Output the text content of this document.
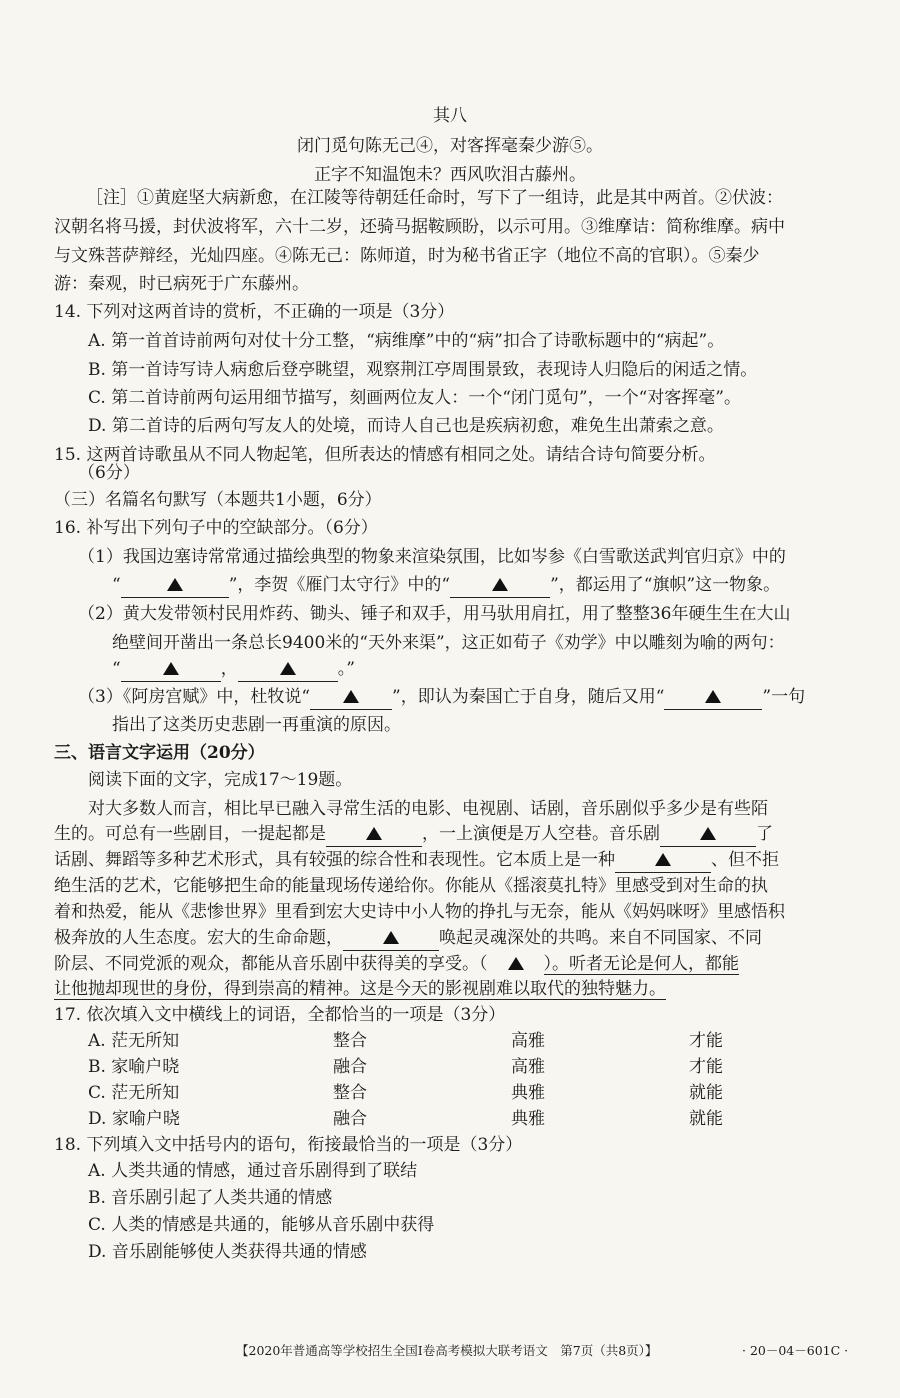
其八
闭门觅句陈无己④，对客挥毫秦少游⑤。
正字不知温饱未？西风吹泪古藤州。
［注］①黄庭坚大病新愈，在江陵等待朝廷任命时，写下了一组诗，此是其中两首。②伏波：
汉朝名将马援，封伏波将军，六十二岁，还骑马据鞍顾盼，以示可用。③维摩诘：简称维摩。病中
与文殊菩萨辩经，光灿四座。④陈无己：陈师道，时为秘书省正字（地位不高的官职）。⑤秦少
游：秦观，时已病死于广东藤州。
14. 下列对这两首诗的赏析，不正确的一项是（3分）
A. 第一首首诗前两句对仗十分工整，“病维摩”中的“病”扣合了诗歌标题中的“病起”。
B. 第一首诗写诗人病愈后登亭眺望，观察荆江亭周围景致，表现诗人归隐后的闲适之情。
C. 第二首诗前两句运用细节描写，刻画两位友人：一个“闭门觅句”，一个“对客挥毫”。
D. 第二首诗的后两句写友人的处境，而诗人自己也是疾病初愈，难免生出萧索之意。
15. 这两首诗歌虽从不同人物起笔，但所表达的情感有相同之处。请结合诗句简要分析。
（6分）
（三）名篇名句默写（本题共1小题，6分）
16. 补写出下列句子中的空缺部分。（6分）
（1）我国边塞诗常常通过描绘典型的物象来渲染氛围，比如岑参《白雪歌送武判官归京》中的
“	”，李贺《雁门太守行》中的“	”，都运用了“旗帜”这一物象。
（2）黄大发带领村民用炸药、锄头、锤子和双手，用马驮用肩扛，用了整整36年硬生生在大山
绝壁间开凿出一条总长9400米的“天外来渠”，这正如荀子《劝学》中以雕刻为喻的两句：
“	，	。”
（3）《阿房宫赋》中，杜牧说“	”，即认为秦国亡于自身，随后又用“	”一句
指出了这类历史悲剧一再重演的原因。
三、语言文字运用（20分）
阅读下面的文字，完成17～19题。
对大多数人而言，相比早已融入寻常生活的电影、电视剧、话剧，音乐剧似乎多少是有些陌
生的。可总有一些剧目，一提起都是	，一上演便是万人空巷。音乐剧	了
话剧、舞蹈等多种艺术形式，具有较强的综合性和表现性。它本质上是一种	、但不拒
绝生活的艺术，它能够把生命的能量现场传递给你。你能从《摇滚莫扎特》里感受到对生命的执
着和热爱，能从《悲惨世界》里看到宏大史诗中小人物的挣扎与无奈，能从《妈妈咪呀》里感悟积
极奔放的人生态度。宏大的生命命题，	唤起灵魂深处的共鸣。来自不同国家、不同
阶层、不同党派的观众，都能从音乐剧中获得美的享受。（	）。听者无论是何人，都能
让他抛却现世的身份，得到崇高的精神。这是今天的影视剧难以取代的独特魅力。
17. 依次填入文中横线上的词语，全都恰当的一项是（3分）
A. 茫无所知	整合	高雅	才能
B. 家喻户晓	融合	高雅	才能
C. 茫无所知	整合	典雅	就能
D. 家喻户晓	融合	典雅	就能
18. 下列填入文中括号内的语句，衔接最恰当的一项是（3分）
A. 人类共通的情感，通过音乐剧得到了联结
B. 音乐剧引起了人类共通的情感
C. 人类的情感是共通的，能够从音乐剧中获得
D. 音乐剧能够使人类获得共通的情感
【2020年普通高等学校招生全国Ⅰ卷高考模拟大联考语文　第7页（共8页）】	· 20－04－601C ·
